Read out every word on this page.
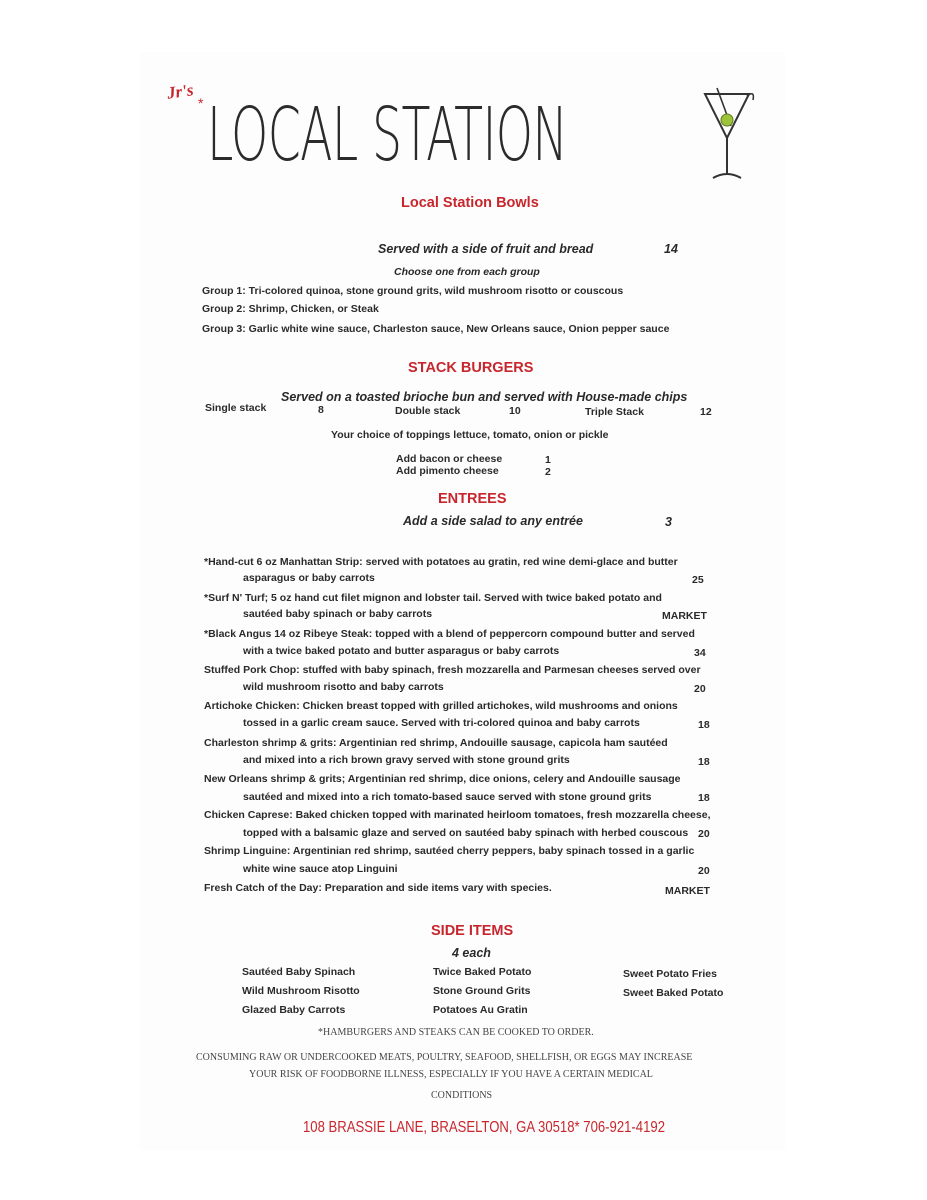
Jr's
* LOCAL STATION
Local Station Bowls
Served with a side of fruit and bread	14
Choose one from each group
Group 1: Tri-colored quinoa, stone ground grits, wild mushroom risotto or couscous
Group 2: Shrimp, Chicken, or Steak
Group 3: Garlic white wine sauce, Charleston sauce, New Orleans sauce, Onion pepper sauce
STACK BURGERS
Served on a toasted brioche bun and served with House-made chips
Single stack	8	Double stack	10	Triple Stack	12
Your choice of toppings lettuce, tomato, onion or pickle
Add bacon or cheese	1
Add pimento cheese	2
ENTREES
Add a side salad to any entrée	3
*Hand-cut 6 oz Manhattan Strip: served with potatoes au gratin, red wine demi-glace and butter
asparagus or baby carrots	25
*Surf N' Turf; 5 oz hand cut filet mignon and lobster tail. Served with twice baked potato and
sautéed baby spinach or baby carrots	MARKET
*Black Angus 14 oz Ribeye Steak: topped with a blend of peppercorn compound butter and served
with a twice baked potato and butter asparagus or baby carrots	34
Stuffed Pork Chop: stuffed with baby spinach, fresh mozzarella and Parmesan cheeses served over
wild mushroom risotto and baby carrots	20
Artichoke Chicken: Chicken breast topped with grilled artichokes, wild mushrooms and onions
tossed in a garlic cream sauce. Served with tri-colored quinoa and baby carrots	18
Charleston shrimp & grits: Argentinian red shrimp, Andouille sausage, capicola ham sautéed
and mixed into a rich brown gravy served with stone ground grits	18
New Orleans shrimp & grits; Argentinian red shrimp, dice onions, celery and Andouille sausage
sautéed and mixed into a rich tomato-based sauce served with stone ground grits	18
Chicken Caprese: Baked chicken topped with marinated heirloom tomatoes, fresh mozzarella cheese,
topped with a balsamic glaze and served on sautéed baby spinach with herbed couscous 20
Shrimp Linguine: Argentinian red shrimp, sautéed cherry peppers, baby spinach tossed in a garlic
white wine sauce atop Linguini	20
Fresh Catch of the Day: Preparation and side items vary with species.	MARKET
SIDE ITEMS
4 each
Sautéed Baby Spinach
Wild Mushroom Risotto
Glazed Baby Carrots
Twice Baked Potato
Stone Ground Grits
Potatoes Au Gratin
Sweet Potato Fries
Sweet Baked Potato
*HAMBURGERS AND STEAKS CAN BE COOKED TO ORDER.
CONSUMING RAW OR UNDERCOOKED MEATS, POULTRY, SEAFOOD, SHELLFISH, OR EGGS MAY INCREASE
YOUR RISK OF FOODBORNE ILLNESS, ESPECIALLY IF YOU HAVE A CERTAIN MEDICAL
CONDITIONS
108 BRASSIE LANE, BRASELTON, GA 30518* 706-921-4192
